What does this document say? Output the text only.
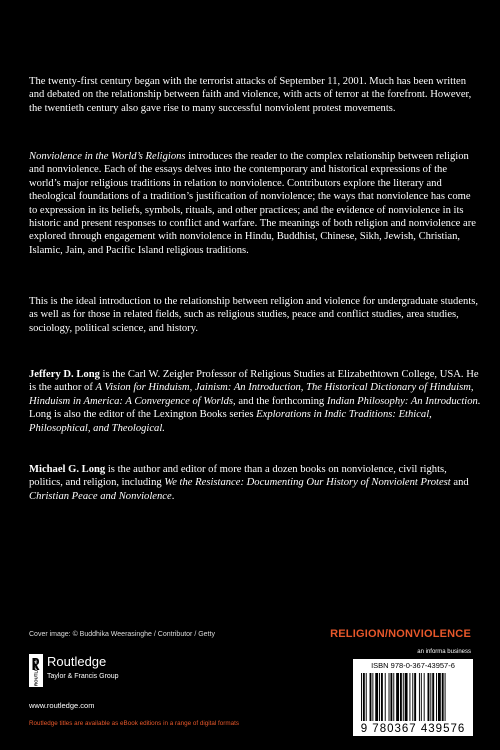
The twenty-first century began with the terrorist attacks of September 11, 2001. Much has been written and debated on the relationship between faith and violence, with acts of terror at the forefront. However, the twentieth century also gave rise to many successful nonviolent protest movements.

Nonviolence in the World’s Religions introduces the reader to the complex relationship between religion and nonviolence. Each of the essays delves into the contemporary and historical expressions of the world’s major religious traditions in relation to nonviolence. Contributors explore the literary and theological foundations of a tradition’s justification of nonviolence; the ways that nonviolence has come to expression in its beliefs, symbols, rituals, and other practices; and the evidence of nonviolence in its historic and present responses to conflict and warfare. The meanings of both religion and nonviolence are explored through engagement with nonviolence in Hindu, Buddhist, Chinese, Sikh, Jewish, Christian, Islamic, Jain, and Pacific Island religious traditions.

This is the ideal introduction to the relationship between religion and violence for undergraduate students, as well as for those in related fields, such as religious studies, peace and conflict studies, area studies, sociology, political science, and history.

Jeffery D. Long is the Carl W. Zeigler Professor of Religious Studies at Elizabethtown College, USA. He is the author of A Vision for Hinduism, Jainism: An Introduction, The Historical Dictionary of Hinduism, Hinduism in America: A Convergence of Worlds, and the forthcoming Indian Philosophy: An Introduction. Long is also the editor of the Lexington Books series Explorations in Indic Traditions: Ethical, Philosophical, and Theological.

Michael G. Long is the author and editor of more than a dozen books on nonviolence, civil rights, politics, and religion, including We the Resistance: Documenting Our History of Nonviolent Protest and Christian Peace and Nonviolence.

Cover image: © Buddhika Weerasinghe / Contributor / Getty	RELIGION/NONVIOLENCE
ROUTLEDGE Routledge
Taylor & Francis Group
www.routledge.com
Routledge titles are available as eBook editions in a range of digital formats
an informa business
ISBN 978-0-367-43957-6
9 780367 439576
